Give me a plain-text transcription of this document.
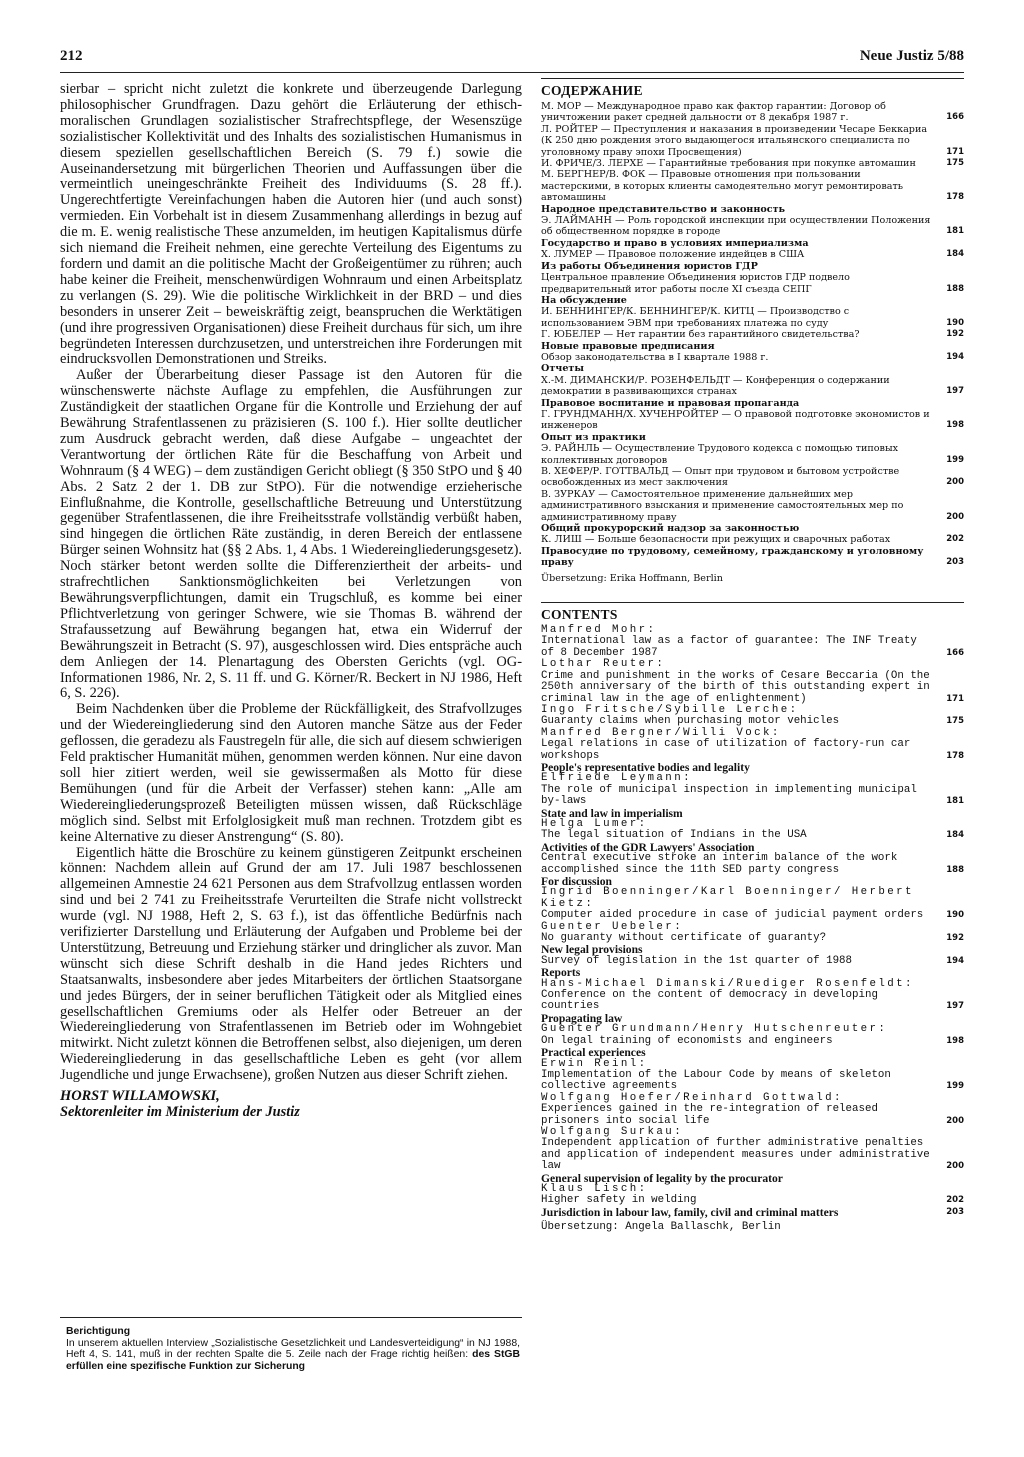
212	Neue Justiz 5/88

sierbar – spricht nicht zuletzt die konkrete und überzeugende Darlegung philosophischer Grundfragen. Dazu gehört die Erläuterung der ethisch-moralischen Grundlagen sozialistischer Strafrechtspflege, der Wesenszüge sozialistischer Kollektivität und des Inhalts des sozialistischen Humanismus in diesem speziellen gesellschaftlichen Bereich (S. 79 f.) sowie die Auseinandersetzung mit bürgerlichen Theorien und Auffassungen über die vermeintlich uneingeschränkte Freiheit des Individuums (S. 28 ff.). Ungerechtfertigte Vereinfachungen haben die Autoren hier (und auch sonst) vermieden. Ein Vorbehalt ist in diesem Zusammenhang allerdings in bezug auf die m. E. wenig realistische These anzumelden, im heutigen Kapitalismus dürfe sich niemand die Freiheit nehmen, eine gerechte Verteilung des Eigentums zu fordern und damit an die politische Macht der Großeigentümer zu rühren; auch habe keiner die Freiheit, menschenwürdigen Wohnraum und einen Arbeitsplatz zu verlangen (S. 29). Wie die politische Wirklichkeit in der BRD – und dies besonders in unserer Zeit – beweiskräftig zeigt, beanspruchen die Werktätigen (und ihre progressiven Organisationen) diese Freiheit durchaus für sich, um ihre begründeten Interessen durchzusetzen, und unterstreichen ihre Forderungen mit eindrucksvollen Demonstrationen und Streiks.

Außer der Überarbeitung dieser Passage ist den Autoren für die wünschenswerte nächste Auflage zu empfehlen, die Ausführungen zur Zuständigkeit der staatlichen Organe für die Kontrolle und Erziehung der auf Bewährung Strafentlassenen zu präzisieren (S. 100 f.). Hier sollte deutlicher zum Ausdruck gebracht werden, daß diese Aufgabe – ungeachtet der Verantwortung der örtlichen Räte für die Beschaffung von Arbeit und Wohnraum (§ 4 WEG) – dem zuständigen Gericht obliegt (§ 350 StPO und § 40 Abs. 2 Satz 2 der 1. DB zur StPO). Für die notwendige erzieherische Einflußnahme, die Kontrolle, gesellschaftliche Betreuung und Unterstützung gegenüber Strafentlassenen, die ihre Freiheitsstrafe vollständig verbüßt haben, sind hingegen die örtlichen Räte zuständig, in deren Bereich der entlassene Bürger seinen Wohnsitz hat (§§ 2 Abs. 1, 4 Abs. 1 Wiedereingliederungsgesetz). Noch stärker betont werden sollte die Differenziertheit der arbeits- und strafrechtlichen Sanktionsmöglichkeiten bei Verletzungen von Bewährungsverpflichtungen, damit ein Trugschluß, es komme bei einer Pflichtverletzung von geringer Schwere, wie sie Thomas B. während der Strafaussetzung auf Bewährung begangen hat, etwa ein Widerruf der Bewährungszeit in Betracht (S. 97), ausgeschlossen wird. Dies entspräche auch dem Anliegen der 14. Plenartagung des Obersten Gerichts (vgl. OG-Informationen 1986, Nr. 2, S. 11 ff. und G. Körner/R. Beckert in NJ 1986, Heft 6, S. 226).

Beim Nachdenken über die Probleme der Rückfälligkeit, des Strafvollzuges und der Wiedereingliederung sind den Autoren manche Sätze aus der Feder geflossen, die geradezu als Faustregeln für alle, die sich auf diesem schwierigen Feld praktischer Humanität mühen, genommen werden können. Nur eine davon soll hier zitiert werden, weil sie gewissermaßen als Motto für diese Bemühungen (und für die Arbeit der Verfasser) stehen kann: „Alle am Wiedereingliederungsprozeß Beteiligten müssen wissen, daß Rückschläge möglich sind. Selbst mit Erfolglosigkeit muß man rechnen. Trotzdem gibt es keine Alternative zu dieser Anstrengung“ (S. 80).

Eigentlich hätte die Broschüre zu keinem günstigeren Zeitpunkt erscheinen können: Nachdem allein auf Grund der am 17. Juli 1987 beschlossenen allgemeinen Amnestie 24 621 Personen aus dem Strafvollzug entlassen worden sind und bei 2 741 zu Freiheitsstrafe Verurteilten die Strafe nicht vollstreckt wurde (vgl. NJ 1988, Heft 2, S. 63 f.), ist das öffentliche Bedürfnis nach verifizierter Darstellung und Erläuterung der Aufgaben und Probleme bei der Unterstützung, Betreuung und Erziehung stärker und dringlicher als zuvor. Man wünscht sich diese Schrift deshalb in die Hand jedes Richters und Staatsanwalts, insbesondere aber jedes Mitarbeiters der örtlichen Staatsorgane und jedes Bürgers, der in seiner beruflichen Tätigkeit oder als Mitglied eines gesellschaftlichen Gremiums oder als Helfer oder Betreuer an der Wiedereingliederung von Strafentlassenen im Betrieb oder im Wohngebiet mitwirkt. Nicht zuletzt können die Betroffenen selbst, also diejenigen, um deren Wiedereingliederung in das gesellschaftliche Leben es geht (vor allem Jugendliche und junge Erwachsene), großen Nutzen aus dieser Schrift ziehen.

HORST WILLAMOWSKI,
Sektorenleiter im Ministerium der Justiz
Berichtigung
In unserem aktuellen Interview „Sozialistische Gesetzlichkeit und Landesverteidigung“ in NJ 1988, Heft 4, S. 141, muß in der rechten Spalte die 5. Zeile nach der Frage richtig heißen: des StGB erfüllen eine spezifische Funktion zur Sicherung
СОДЕРЖАНИЕ
М. МОР — Международное право как фактор гарантии: Договор об уничтожении ракет средней дальности от 8 декабря 1987 г.	166
Л. РОЙТЕР — Преступления и наказания в произведении Чесаре Беккариа (К 250 дню рождения этого выдающегося итальянского специалиста по уголовному праву эпохи Просвещения)	171
И. ФРИЧЕ/З. ЛЕРХЕ — Гарантийные требования при покупке автомашин	175
М. БЕРГНЕР/В. ФОК — Правовые отношения при пользовании мастерскими, в которых клиенты самодеятельно могут ремонтировать автомашины	178
Народное представительство и законность
Э. ЛАЙМАНН — Роль городской инспекции при осуществлении Положения об общественном порядке в городе	181
Государство и право в условиях империализма
Х. ЛУМЕР — Правовое положение индейцев в США	184
Из работы Объединения юристов ГДР
Центральное правление Объединения юристов ГДР подвело предварительный итог работы после XI съезда СЕПГ	188
На обсуждение
И. БЕННИНГЕР/К. БЕННИНГЕР/К. КИТЦ — Производство с использованием ЭВМ при требованиях платежа по суду	190
Г. ЮБЕЛЕР — Нет гарантии без гарантийного свидетельства?	192
Новые правовые предписания
Обзор законодательства в I квартале 1988 г.	194
Отчеты
Х.-М. ДИМАНСКИ/Р. РОЗЕНФЕЛЬДТ — Конференция о содержании демократии в развивающихся странах	197
Правовое воспитание и правовая пропаганда
Г. ГРУНДМАНН/Х. ХУЧЕНРОЙТЕР — О правовой подготовке экономистов и инженеров	198
Опыт из практики
Э. РАЙНЛЬ — Осуществление Трудового кодекса с помощью типовых коллективных договоров	199
В. ХЕФЕР/Р. ГОТТВАЛЬД — Опыт при трудовом и бытовом устройстве освобожденных из мест заключения	200
В. ЗУРКАУ — Самостоятельное применение дальнейших мер административного взыскания и применение самостоятельных мер по административному праву	200
Общий прокурорский надзор за законностью
К. ЛИШ — Больше безопасности при режущих и сварочных работах	202
Правосудие по трудовому, семейному, гражданскому и уголовному праву	203
Übersetzung: Erika Hoffmann, Berlin
CONTENTS
Manfred Mohr:
International law as a factor of guarantee: The INF Treaty of 8 December 1987	166
Lothar Reuter:
Crime and punishment in the works of Cesare Beccaria (On the 250th anniversary of the birth of this outstanding expert in criminal law in the age of enlightenment)	171
Ingo Fritsche/Sybille Lerche:
Guaranty claims when purchasing motor vehicles	175
Manfred Bergner/Willi Vock:
Legal relations in case of utilization of factory-run car workshops	178
People's representative bodies and legality
Elfriede Leymann:
The role of municipal inspection in implementing municipal by-laws	181
State and law in imperialism
Helga Lumer:
The legal situation of Indians in the USA	184
Activities of the GDR Lawyers' Association
Central executive stroke an interim balance of the work accomplished since the 11th SED party congress	188
For discussion
Ingrid Boenninger/Karl Boenninger/ Herbert Kietz:
Computer aided procedure in case of judicial payment orders	190
Guenter Uebeler:
No guaranty without certificate of guaranty?	192
New legal provisions
Survey of legislation in the 1st quarter of 1988	194
Reports
Hans-Michael Dimanski/Ruediger Rosenfeldt:
Conference on the content of democracy in developing countries	197
Propagating law
Guenter Grundmann/Henry Hutschenreuter:
On legal training of economists and engineers	198
Practical experiences
Erwin Reinl:
Implementation of the Labour Code by means of skeleton collective agreements	199
Wolfgang Hoefer/Reinhard Gottwald:
Experiences gained in the re-integration of released prisoners into social life	200
Wolfgang Surkau:
Independent application of further administrative penalties and application of independent measures under administrative law	200
General supervision of legality by the procurator
Klaus Lisch:
Higher safety in welding	202
Jurisdiction in labour law, family, civil and criminal matters	203
Übersetzung: Angela Ballaschk, Berlin
